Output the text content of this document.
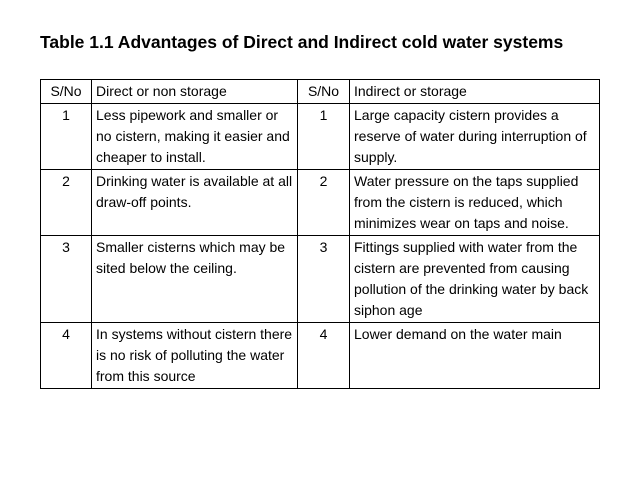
Table 1.1 Advantages of Direct and Indirect cold water systems
S/No	Direct or non storage	S/No	Indirect or storage
1	Less pipework and smaller or no cistern, making it easier and cheaper to install.	1	Large capacity cistern provides a reserve of water during interruption of supply.
2	Drinking water is available at all draw-off points.	2	Water pressure on the taps supplied from the cistern is reduced, which minimizes wear on taps and noise.
3	Smaller cisterns which may be sited below the ceiling.	3	Fittings supplied with water from the cistern are prevented from causing pollution of the drinking water by back siphon age
4	In systems without cistern there is no risk of polluting the water from this source	4	Lower demand on the water main
